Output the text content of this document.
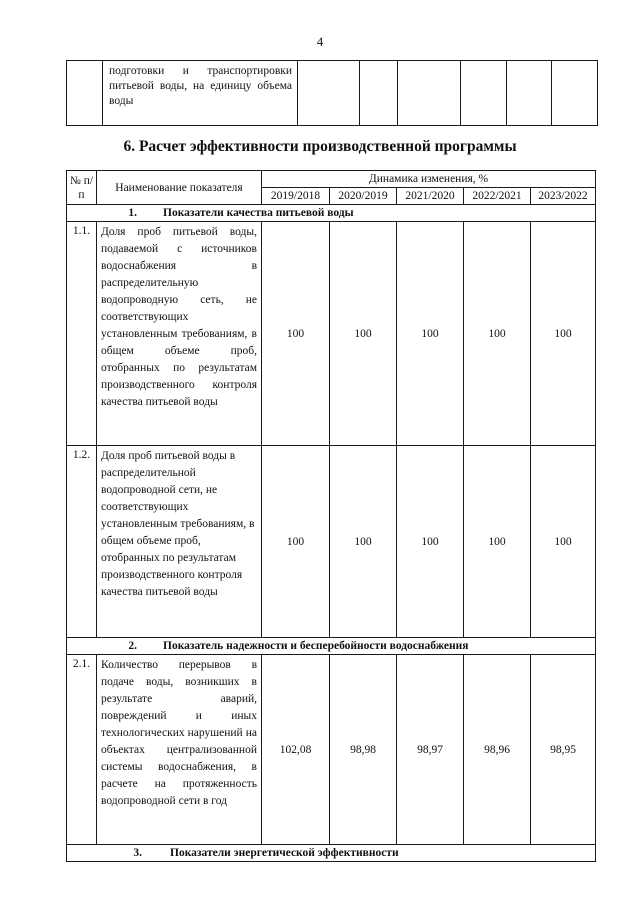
4
	подготовки и транспортировки питьевой воды, на единицу объема воды						
6. Расчет эффективности производственной программы
№ п/п	Наименование показателя	Динамика изменения, %				
		2019/2018	2020/2019	2021/2020	2022/2021	2023/2022
1. Показатели качества питьевой воды						
1.1.	Доля проб питьевой воды, подаваемой с источников водоснабжения в распределительную водопроводную сеть, не соответствующих установленным требованиям, в общем объеме проб, отобранных по результатам производственного контроля качества питьевой воды	100	100	100	100	100
1.2.	Доля проб питьевой воды в распределительной водопроводной сети, не соответствующих установленным требованиям, в общем объеме проб, отобранных по результатам производственного контроля качества питьевой воды	100	100	100	100	100
2. Показатель надежности и бесперебойности водоснабжения						
2.1.	Количество перерывов в подаче воды, возникших в результате аварий, повреждений и иных технологических нарушений на объектах централизованной системы водоснабжения, в расчете на протяженность водопроводной сети в год	102,08	98,98	98,97	98,96	98,95
3. Показатели энергетической эффективности						
